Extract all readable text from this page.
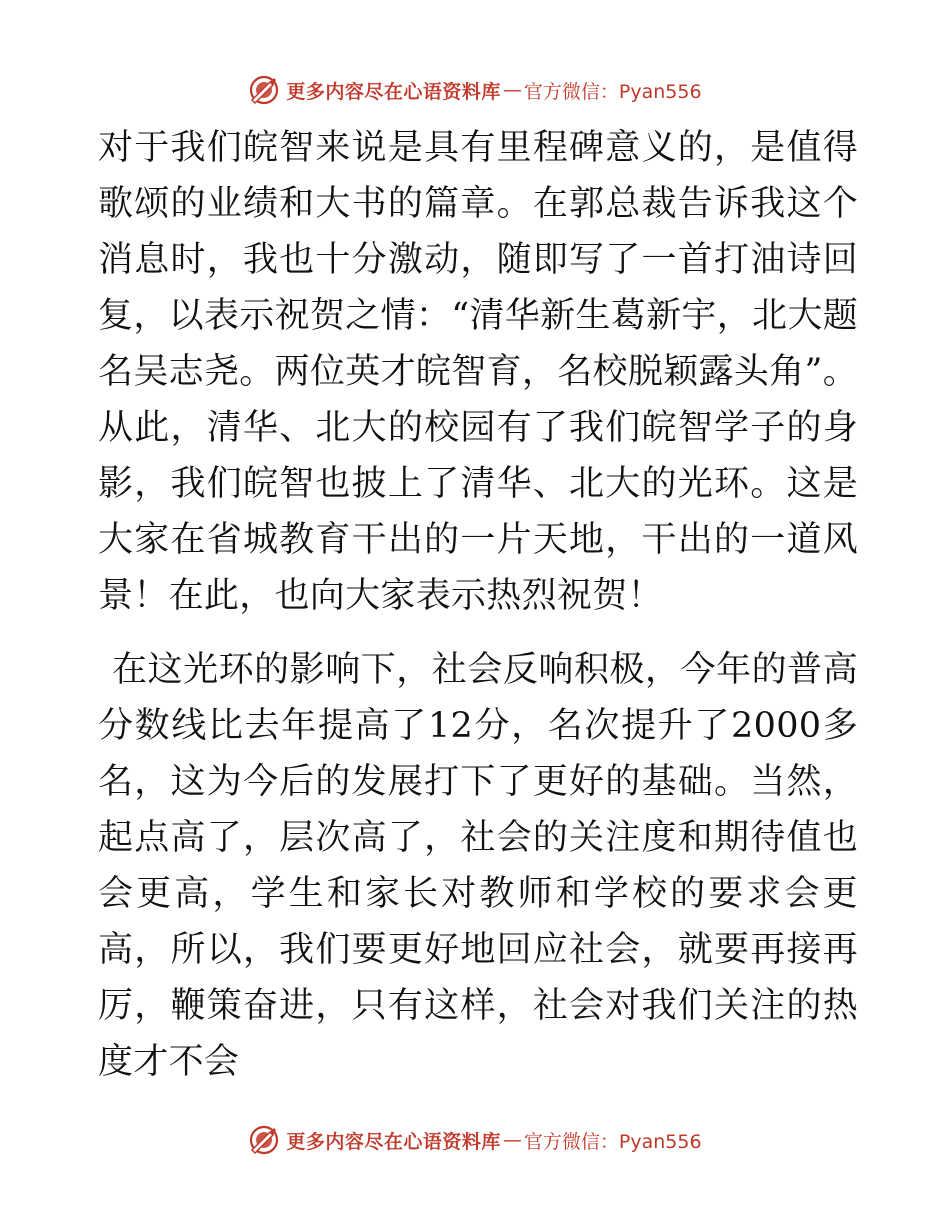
更多内容尽在心语资料库 — 官方微信：Pyan556

对于我们皖智来说是具有里程碑意义的，是值得歌颂的业绩和大书的篇章。在郭总裁告诉我这个消息时，我也十分激动，随即写了一首打油诗回复，以表示祝贺之情：“清华新生葛新宇，北大题名吴志尧。两位英才皖智育，名校脱颖露头角”。从此，清华、北大的校园有了我们皖智学子的身影，我们皖智也披上了清华、北大的光环。这是大家在省城教育干出的一片天地，干出的一道风景！在此，也向大家表示热烈祝贺！

在这光环的影响下，社会反响积极，今年的普高分数线比去年提高了12分，名次提升了2000多名，这为今后的发展打下了更好的基础。当然，起点高了，层次高了，社会的关注度和期待值也会更高，学生和家长对教师和学校的要求会更高，所以，我们要更好地回应社会，就要再接再厉，鞭策奋进，只有这样，社会对我们关注的热度才不会

更多内容尽在心语资料库 — 官方微信：Pyan556
